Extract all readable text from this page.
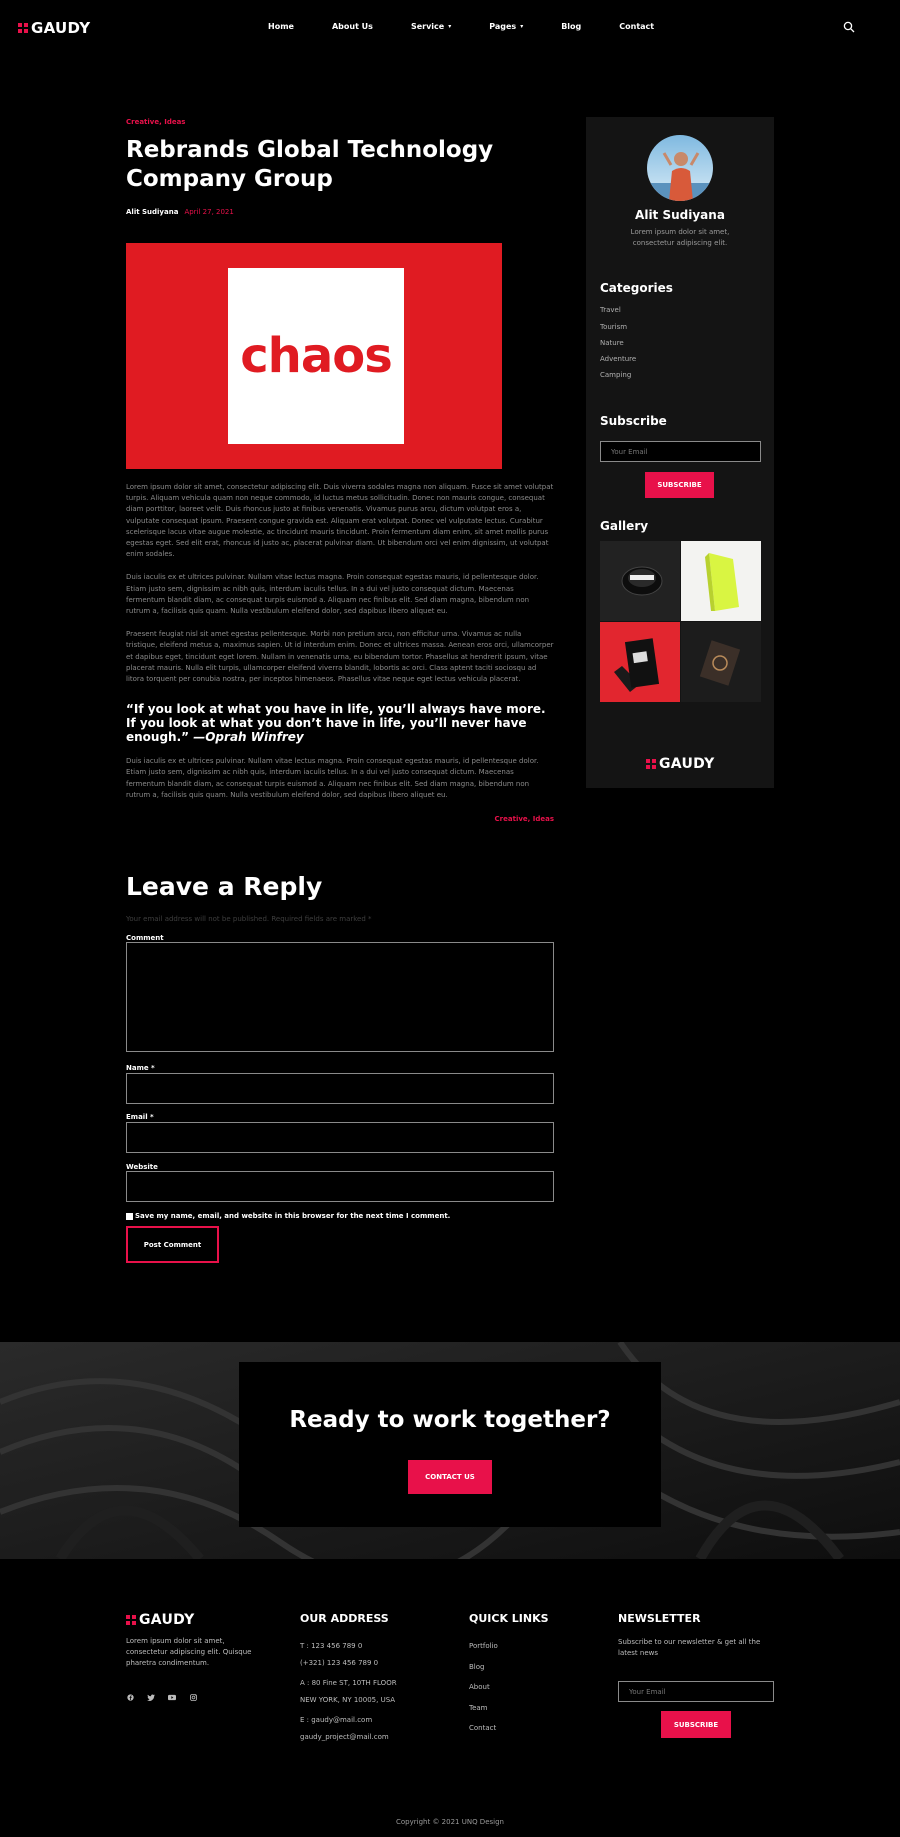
GAUDY	Home	About Us	Service ▾	Pages ▾	Blog	Contact
Creative, Ideas
Rebrands Global Technology Company Group
Alit Sudiyana April 27, 2021
chaos

Lorem ipsum dolor sit amet, consectetur adipiscing elit. Duis viverra sodales magna non aliquam. Fusce sit amet volutpat turpis. Aliquam vehicula quam non neque commodo, id luctus metus sollicitudin. Donec non mauris congue, consequat diam porttitor, laoreet velit. Duis rhoncus justo at finibus venenatis. Vivamus purus arcu, dictum volutpat eros a, vulputate consequat ipsum. Praesent congue gravida est. Aliquam erat volutpat. Donec vel vulputate lectus. Curabitur scelerisque lacus vitae augue molestie, ac tincidunt mauris tincidunt. Proin fermentum diam enim, sit amet mollis purus egestas eget. Sed elit erat, rhoncus id justo ac, placerat pulvinar diam. Ut bibendum orci vel enim dignissim, ut volutpat enim sodales.

Duis iaculis ex et ultrices pulvinar. Nullam vitae lectus magna. Proin consequat egestas mauris, id pellentesque dolor. Etiam justo sem, dignissim ac nibh quis, interdum iaculis tellus. In a dui vel justo consequat dictum. Maecenas fermentum blandit diam, ac consequat turpis euismod a. Aliquam nec finibus elit. Sed diam magna, bibendum non rutrum a, facilisis quis quam. Nulla vestibulum eleifend dolor, sed dapibus libero aliquet eu.

Praesent feugiat nisl sit amet egestas pellentesque. Morbi non pretium arcu, non efficitur urna. Vivamus ac nulla tristique, eleifend metus a, maximus sapien. Ut id interdum enim. Donec et ultrices massa. Aenean eros orci, ullamcorper et dapibus eget, tincidunt eget lorem. Nullam in venenatis urna, eu bibendum tortor. Phasellus at hendrerit ipsum, vitae placerat mauris. Nulla elit turpis, ullamcorper eleifend viverra blandit, lobortis ac orci. Class aptent taciti sociosqu ad litora torquent per conubia nostra, per inceptos himenaeos. Phasellus vitae neque eget lectus vehicula placerat.

“If you look at what you have in life, you’ll always have more. If you look at what you don’t have in life, you’ll never have enough.” —Oprah Winfrey

Duis iaculis ex et ultrices pulvinar. Nullam vitae lectus magna. Proin consequat egestas mauris, id pellentesque dolor. Etiam justo sem, dignissim ac nibh quis, interdum iaculis tellus. In a dui vel justo consequat dictum. Maecenas fermentum blandit diam, ac consequat turpis euismod a. Aliquam nec finibus elit. Sed diam magna, bibendum non rutrum a, facilisis quis quam. Nulla vestibulum eleifend dolor, sed dapibus libero aliquet eu.

Creative, Ideas
Alit Sudiyana
Lorem ipsum dolor sit amet, consectetur adipiscing elit.
Categories
Travel
Tourism
Nature
Adventure
Camping
Subscribe
Your Email
SUBSCRIBE
Gallery
GAUDY
Leave a Reply
Your email address will not be published. Required fields are marked *
Comment
Name *
Email *
Website
Save my name, email, and website in this browser for the next time I comment.
Post Comment
Ready to work together?
CONTACT US
GAUDY
Lorem ipsum dolor sit amet, consectetur adipiscing elit. Quisque pharetra condimentum.
OUR ADDRESS
T : 123 456 789 0
(+321) 123 456 789 0
A : 80 Fine ST, 10TH FLOOR
NEW YORK, NY 10005, USA
E : gaudy@mail.com
gaudy_project@mail.com
QUICK LINKS
Portfolio
Blog
About
Team
Contact
NEWSLETTER
Subscribe to our newsletter & get all the latest news
Your Email
SUBSCRIBE
Copyright © 2021 UNQ Design
